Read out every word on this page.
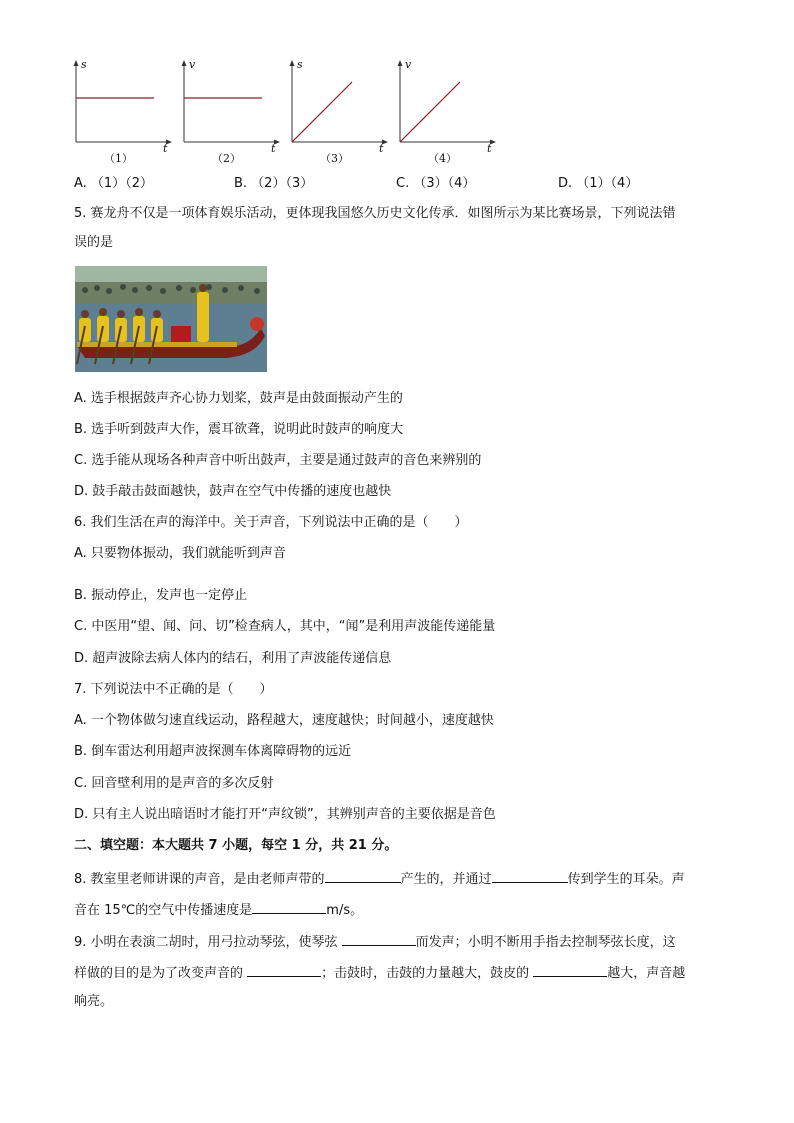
s
t
（1）
v
t
（2）
s
t
（3）
v
t
（4）
A. （1）（2）	B. （2）（3）	C. （3）（4）	D. （1）（4）
5. 赛龙舟不仅是一项体育娱乐活动，更体现我国悠久历史文化传承．如图所示为某比赛场景，下列说法错
误的是
A. 选手根据鼓声齐心协力划桨，鼓声是由鼓面振动产生的
B. 选手听到鼓声大作，震耳欲聋，说明此时鼓声的响度大
C. 选手能从现场各种声音中听出鼓声，主要是通过鼓声的音色来辨别的
D. 鼓手敲击鼓面越快，鼓声在空气中传播的速度也越快
6. 我们生活在声的海洋中。关于声音，下列说法中正确的是（　　）
A. 只要物体振动，我们就能听到声音
B. 振动停止，发声也一定停止
C. 中医用“望、闻、问、切”检查病人，其中，“闻”是利用声波能传递能量
D. 超声波除去病人体内的结石，利用了声波能传递信息
7. 下列说法中不正确的是（　　）
A. 一个物体做匀速直线运动，路程越大，速度越快；时间越小，速度越快
B. 倒车雷达利用超声波探测车体离障碍物的远近
C. 回音壁利用的是声音的多次反射
D. 只有主人说出暗语时才能打开“声纹锁”，其辨别声音的主要依据是音色
二、填空题：本大题共 7 小题，每空 1 分，共 21 分。
8. 教室里老师讲课的声音，是由老师声带的	产生的，并通过	传到学生的耳朵。声
音在 15℃的空气中传播速度是	m/s。
9. 小明在表演二胡时，用弓拉动琴弦，使琴弦	而发声；小明不断用手指去控制琴弦长度，这
样做的目的是为了改变声音的	；击鼓时，击鼓的力量越大，鼓皮的	越大，声音越
响亮。
